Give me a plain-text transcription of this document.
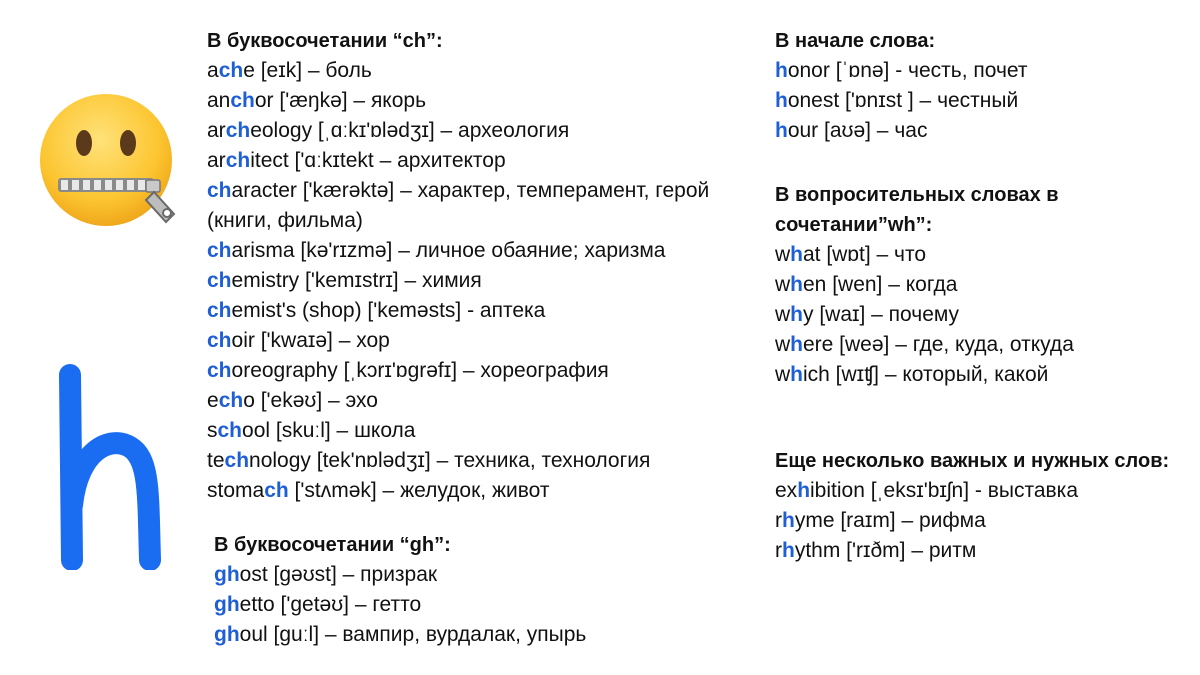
В буквосочетании “ch”:

ache [eɪk] – боль

anchor ['æŋkə] – якорь

archeology [ˌɑːkɪ'ɒlədʒɪ] – археология

architect ['ɑːkɪtekt – архитектор

character ['kærəktə] – характер, темперамент, герой (книги, фильма)

charisma [kə'rɪzmə] – личное обаяние; харизма

chemistry ['kemɪstrɪ] – химия

chemist's (shop) ['keməsts] - аптека

choir ['kwaɪə] – хор

choreography [ˌkɔrɪ'ɒgrəfɪ] – хореография

echo ['ekəʊ] – эхо

school [skuːl] – школа

technology [tek'nɒlədʒɪ] – техника, технология

stomach ['stʌmək] – желудок, живот

В буквосочетании “gh”:

ghost [gəʊst] – призрак

ghetto ['getəʊ] – гетто

ghoul [guːl] – вампир, вурдалак, упырь

В начале слова:

honor [ˈɒnə] - честь, почет

honest ['ɒnɪst ] – честный

hour [aʊə] – час

В вопросительных словах в сочетании”wh”:

what [wɒt] – что

when [wen] – когда

why [waɪ] – почему

where [weə] – где, куда, откуда

which [wɪʧ] – который, какой

Еще несколько важных и нужных слов:

exhibition [ˌeksɪ'bɪʃn] - выставка

rhyme [raɪm] – рифма

rhythm ['rɪðm] – ритм
